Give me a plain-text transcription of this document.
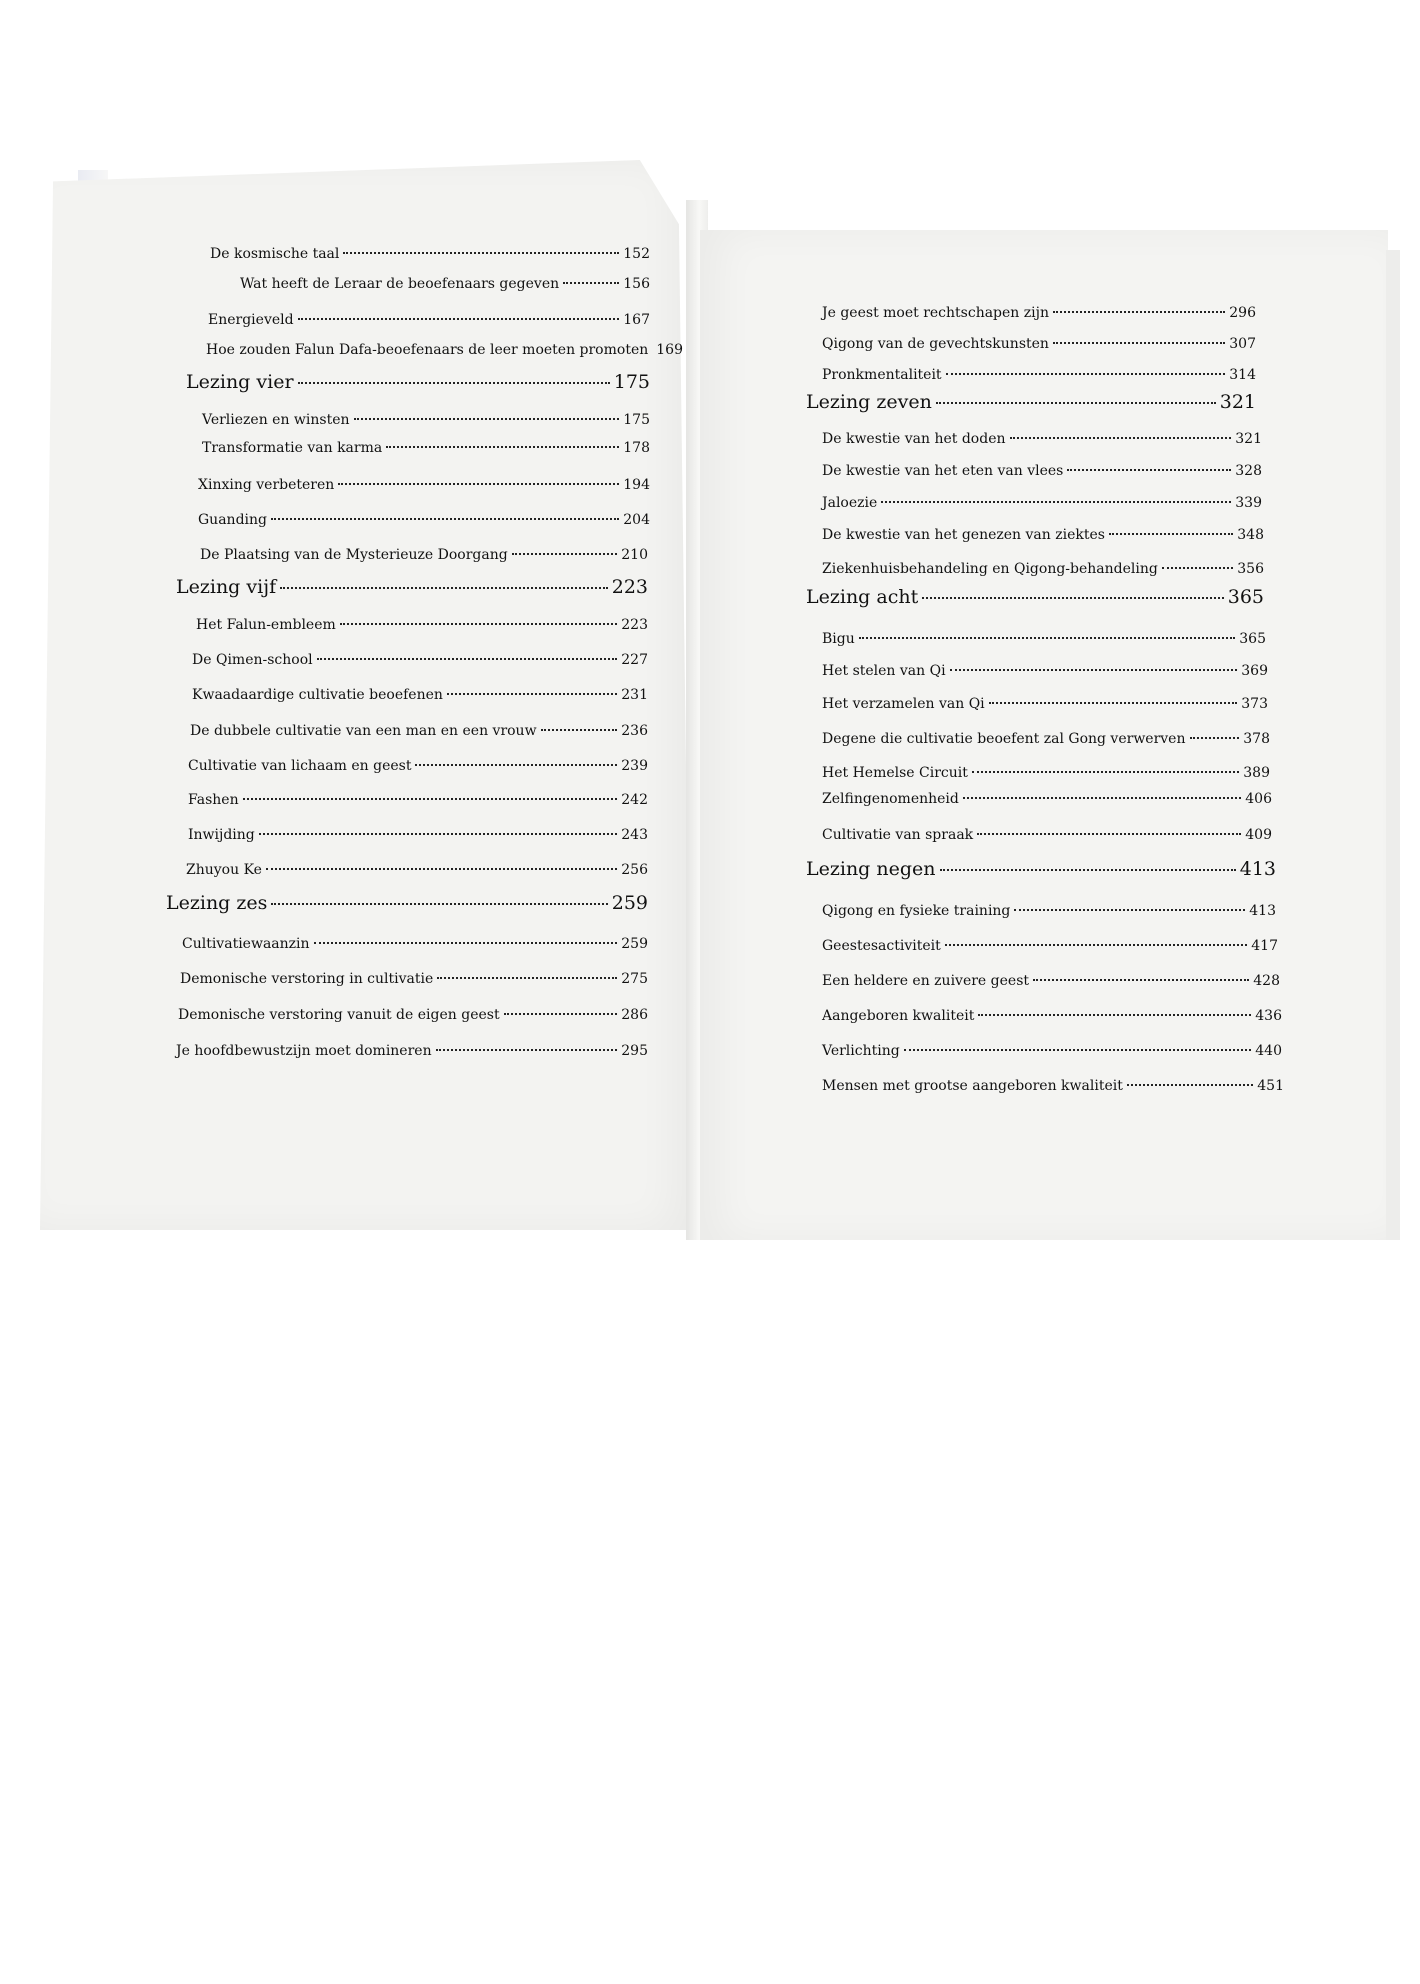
De kosmische taal	152
Wat heeft de Leraar de beoefenaars gegeven	156
Energieveld	167
Hoe zouden Falun Dafa-beoefenaars de leer moeten promoten 169
Lezing vier	175
Verliezen en winsten	175
Transformatie van karma	178
Xinxing verbeteren	194
Guanding	204
De Plaatsing van de Mysterieuze Doorgang	210
Lezing vijf	223
Het Falun-embleem	223
De Qimen-school	227
Kwaadaardige cultivatie beoefenen	231
De dubbele cultivatie van een man en een vrouw	236
Cultivatie van lichaam en geest	239
Fashen	242
Inwijding	243
Zhuyou Ke	256
Lezing zes	259
Cultivatiewaanzin	259
Demonische verstoring in cultivatie	275
Demonische verstoring vanuit de eigen geest	286
Je hoofdbewustzijn moet domineren	295
Je geest moet rechtschapen zijn	296
Qigong van de gevechtskunsten	307
Pronkmentaliteit	314
Lezing zeven	321
De kwestie van het doden	321
De kwestie van het eten van vlees	328
Jaloezie	339
De kwestie van het genezen van ziektes	348
Ziekenhuisbehandeling en Qigong-behandeling	356
Lezing acht	365
Bigu	365
Het stelen van Qi	369
Het verzamelen van Qi	373
Degene die cultivatie beoefent zal Gong verwerven	378
Het Hemelse Circuit	389
Zelfingenomenheid	406
Cultivatie van spraak	409
Lezing negen	413
Qigong en fysieke training	413
Geestesactiviteit	417
Een heldere en zuivere geest	428
Aangeboren kwaliteit	436
Verlichting	440
Mensen met grootse aangeboren kwaliteit	451
